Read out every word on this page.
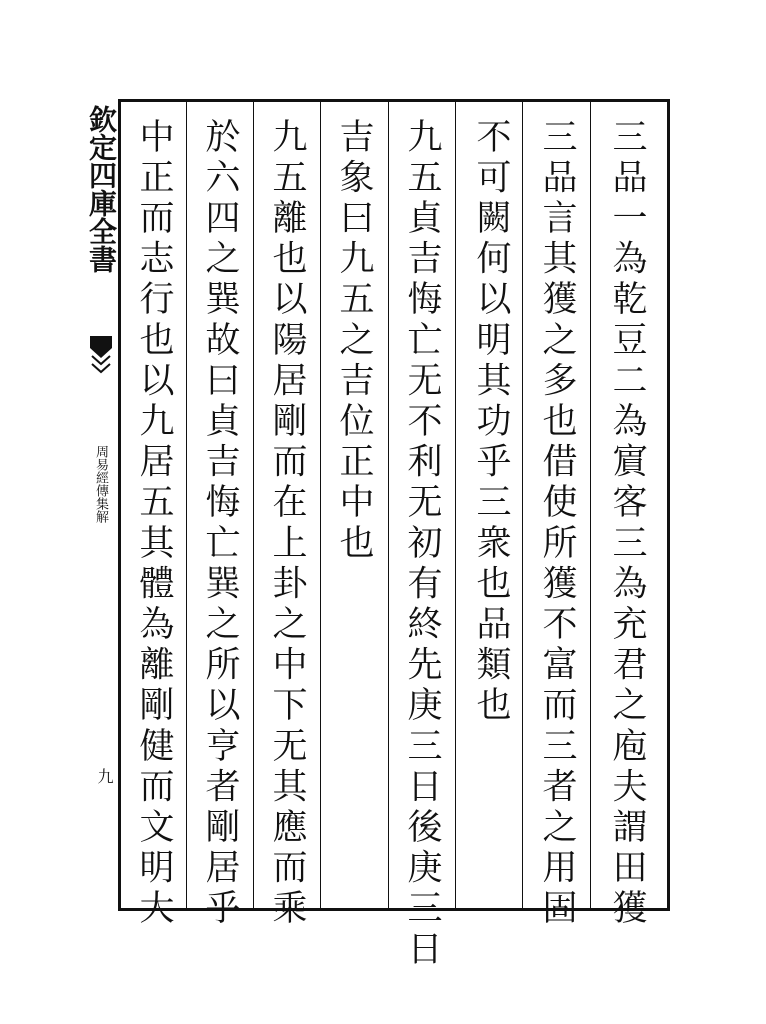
欽定四庫全書
周易經傳集解
九	三品一為乾豆二為賔客三為充君之庖夫謂田獲
三品言其獲之多也借使所獲不富而三者之用固
不可闕何以明其功乎三衆也品類也
九五貞吉悔亡无不利无初有終先庚三日後庚三日
吉象曰九五之吉位正中也
九五離也以陽居剛而在上卦之中下无其應而乘
於六四之巽故曰貞吉悔亡巽之所以亨者剛居乎
中正而志行也以九居五其體為離剛健而文明大
